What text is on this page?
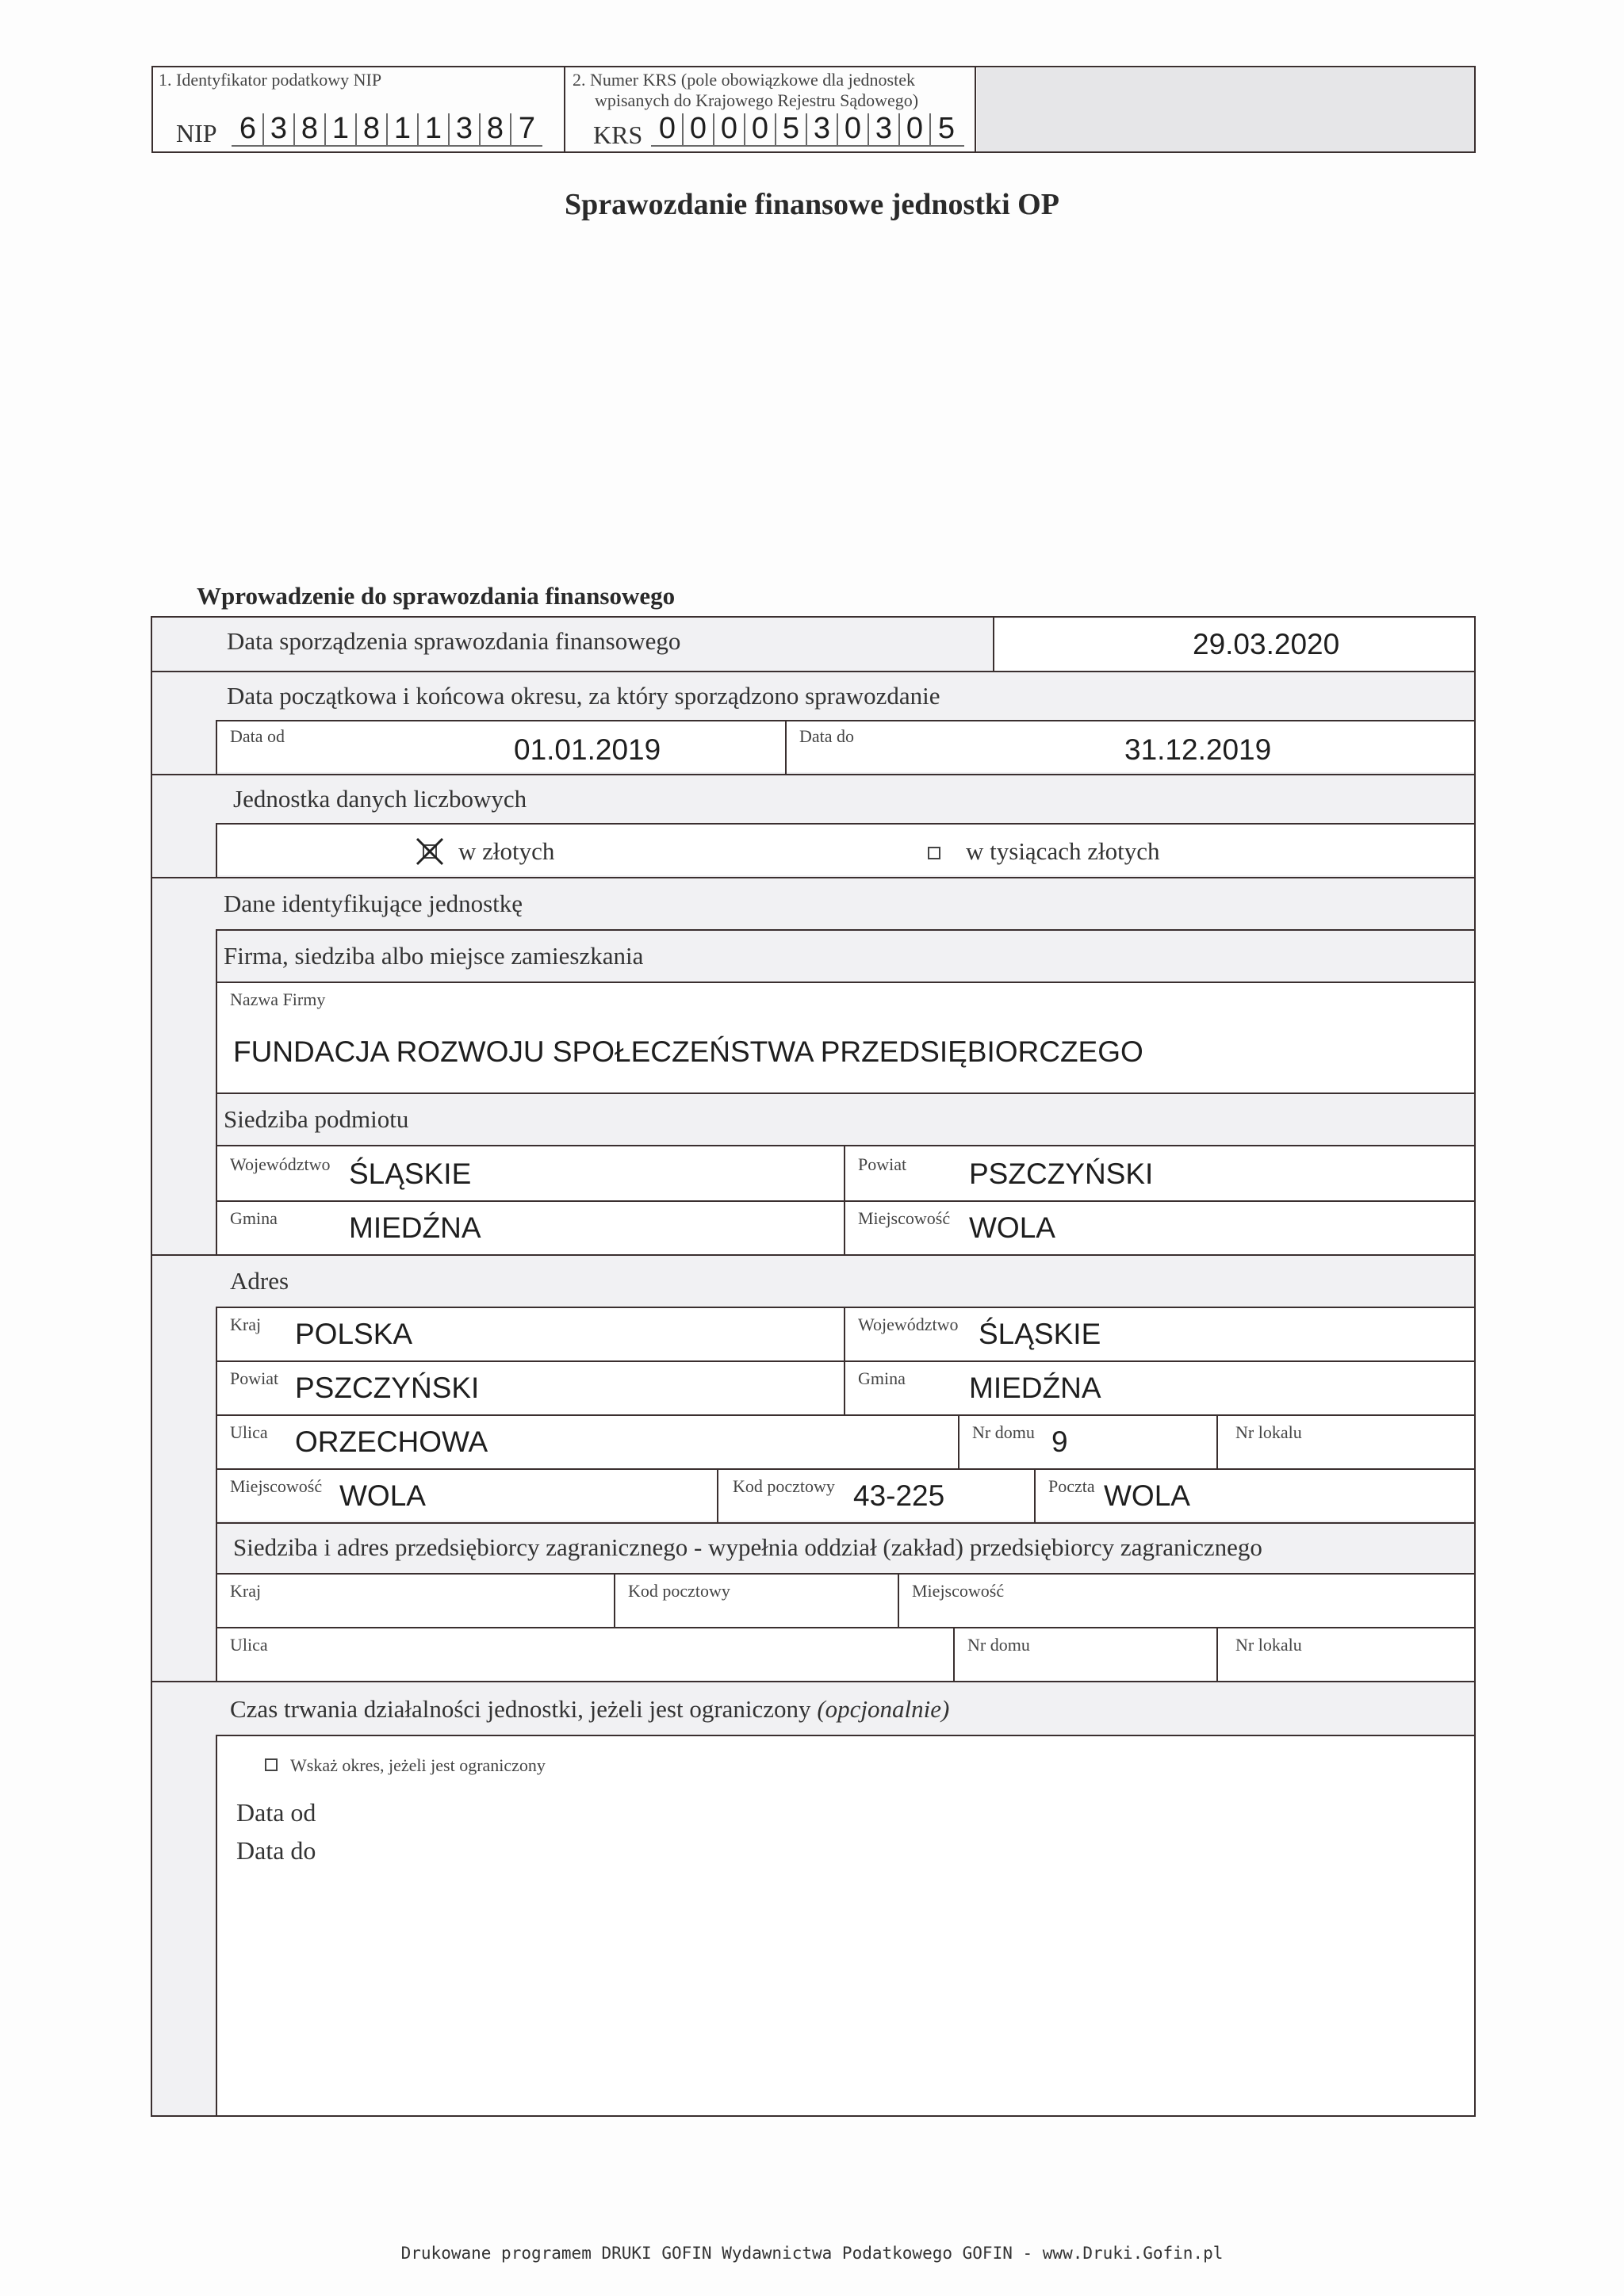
1. Identyfikator podatkowy NIP
NIP 6 3 8 1 8 1 1 3 8 7
2. Numer KRS (pole obowiązkowe dla jednostek
wpisanych do Krajowego Rejestru Sądowego)
KRS 0 0 0 0 5 3 0 3 0 5
Sprawozdanie finansowe jednostki OP
Wprowadzenie do sprawozdania finansowego
Data sporządzenia sprawozdania finansowego	29.03.2020
Data początkowa i końcowa okresu, za który sporządzono sprawozdanie
Data od	01.01.2019	Data do	31.12.2019
Jednostka danych liczbowych
w złotych	w tysiącach złotych
Dane identyfikujące jednostkę
Firma, siedziba albo miejsce zamieszkania
Nazwa Firmy
FUNDACJA ROZWOJU SPOŁECZEŃSTWA PRZEDSIĘBIORCZEGO
Siedziba podmiotu
Województwo ŚLĄSKIE	Powiat PSZCZYŃSKI
Gmina MIEDŹNA	Miejscowość WOLA
Adres
Kraj POLSKA	Województwo ŚLĄSKIE
Powiat PSZCZYŃSKI	Gmina MIEDŹNA
Ulica ORZECHOWA	Nr domu 9	Nr lokalu
Miejscowość WOLA	Kod pocztowy 43-225	Poczta WOLA
Siedziba i adres przedsiębiorcy zagranicznego - wypełnia oddział (zakład) przedsiębiorcy zagranicznego
Kraj	Kod pocztowy	Miejscowość
Ulica	Nr domu	Nr lokalu
Czas trwania działalności jednostki, jeżeli jest ograniczony (opcjonalnie)
Wskaż okres, jeżeli jest ograniczony
Data od
Data do
Drukowane programem DRUKI GOFIN Wydawnictwa Podatkowego GOFIN - www.Druki.Gofin.pl
